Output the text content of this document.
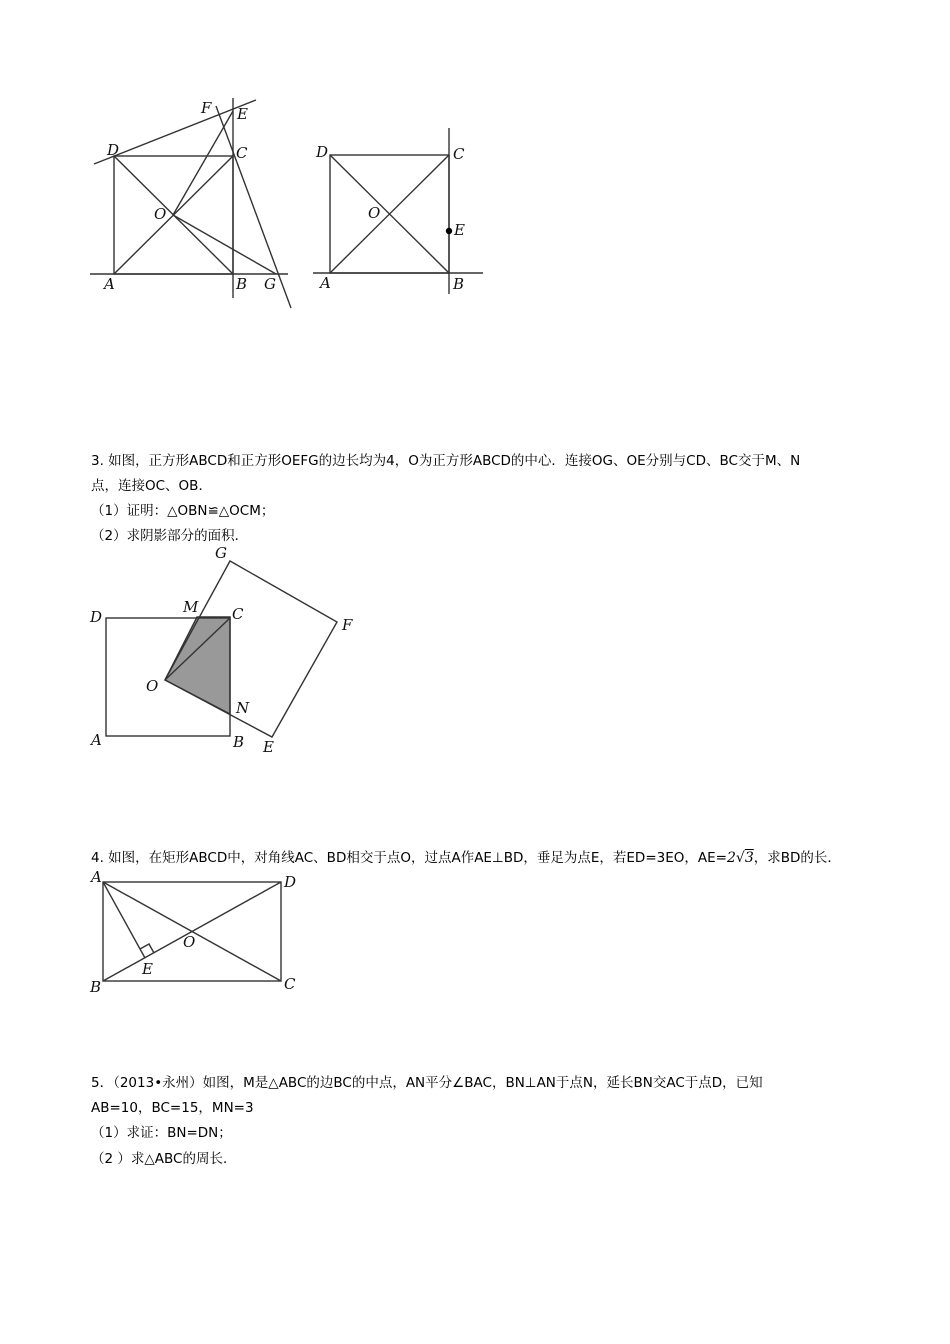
F E
D	C
O
A	B G
D	C
O
E
A	B
3. 如图，正方形ABCD和正方形OEFG的边长均为4，O为正方形ABCD的中心．连接OG、OE分别与CD、BC交于M、N
点，连接OC、OB．
（1）证明：△OBN≌△OCM；
（2）求阴影部分的面积．
G
M C
F
D
O
N
A	B E
4. 如图，在矩形ABCD中，对角线AC、BD相交于点O，过点A作AE⊥BD，垂足为点E，若ED=3EO，AE=2√3，求BD的长．
A	D
O
E
B	C
5．（2013•永州）如图，M是△ABC的边BC的中点，AN平分∠BAC，BN⊥AN于点N，延长BN交AC于点D，已知
AB=10，BC=15，MN=3
（1）求证：BN=DN；
（2 ）求△ABC的周长．
